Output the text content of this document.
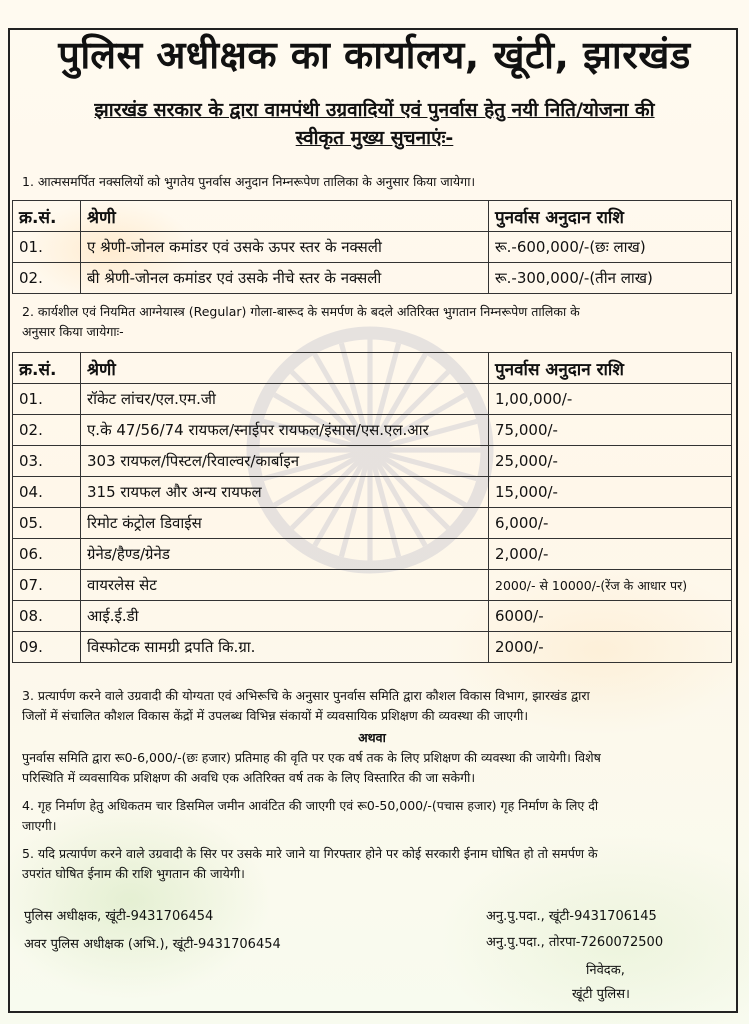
पुलिस अधीक्षक का कार्यालय, खूंटी, झारखंड
झारखंड सरकार के द्वारा वामपंथी उग्रवादियों एवं पुनर्वास हेतु नयी निति/योजना की
स्वीकृत मुख्य सुचनाएंः-
1. आत्मसमर्पित नक्सलियों को भुगतेय पुनर्वास अनुदान निम्नरूपेण तालिका के अनुसार किया जायेगा।
क्र.सं.	श्रेणी	पुनर्वास अनुदान राशि
01.	ए श्रेणी-जोनल कमांडर एवं उसके ऊपर स्तर के नक्सली	रू.-600,000/-(छः लाख)
02.	बी श्रेणी-जोनल कमांडर एवं उसके नीचे स्तर के नक्सली	रू.-300,000/-(तीन लाख)
2. कार्यशील एवं नियमित आग्नेयास्त्र (Regular) गोला-बारूद के समर्पण के बदले अतिरिक्त भुगतान निम्नरूपेण तालिका के
अनुसार किया जायेगाः-
क्र.सं.	श्रेणी	पुनर्वास अनुदान राशि
01.	रॉकेट लांचर/एल.एम.जी	1,00,000/-
02.	ए.के 47/56/74 रायफल/स्नाईपर रायफल/इंसास/एस.एल.आर	75,000/-
03.	303 रायफल/पिस्टल/रिवाल्वर/कार्बाइन	25,000/-
04.	315 रायफल और अन्य रायफल	15,000/-
05.	रिमोट कंट्रोल डिवाईस	6,000/-
06.	ग्रेनेड/हैण्ड/ग्रेनेड	2,000/-
07.	वायरलेस सेट	2000/- से 10000/-(रेंज के आधार पर)
08.	आई.ई.डी	6000/-
09.	विस्फोटक सामग्री द्रपति कि.ग्रा.	2000/-
3. प्रत्यार्पण करने वाले उग्रवादी की योग्यता एवं अभिरूचि के अनुसार पुनर्वास समिति द्वारा कौशल विकास विभाग, झारखंड द्वारा
जिलों में संचालित कौशल विकास केंद्रों में उपलब्ध विभिन्न संकायों में व्यवसायिक प्रशिक्षण की व्यवस्था की जाएगी।
अथवा
पुनर्वास समिति द्वारा रू0-6,000/-(छः हजार) प्रतिमाह की वृति पर एक वर्ष तक के लिए प्रशिक्षण की व्यवस्था की जायेगी। विशेष
परिस्थिति में व्यवसायिक प्रशिक्षण की अवधि एक अतिरिक्त वर्ष तक के लिए विस्तारित की जा सकेगी।
4. गृह निर्माण हेतु अधिकतम चार डिसमिल जमीन आवंटित की जाएगी एवं रू0-50,000/-(पचास हजार) गृह निर्माण के लिए दी
जाएगी।
5. यदि प्रत्यार्पण करने वाले उग्रवादी के सिर पर उसके मारे जाने या गिरफ्तार होने पर कोई सरकारी ईनाम घोषित हो तो समर्पण के
उपरांत घोषित ईनाम की राशि भुगतान की जायेगी।
पुलिस अधीक्षक, खूंटी-9431706454
अवर पुलिस अधीक्षक (अभि.), खूंटी-9431706454
अनु.पु.पदा., खूंटी-9431706145
अनु.पु.पदा., तोरपा-7260072500
निवेदक,
खूंटी पुलिस।
